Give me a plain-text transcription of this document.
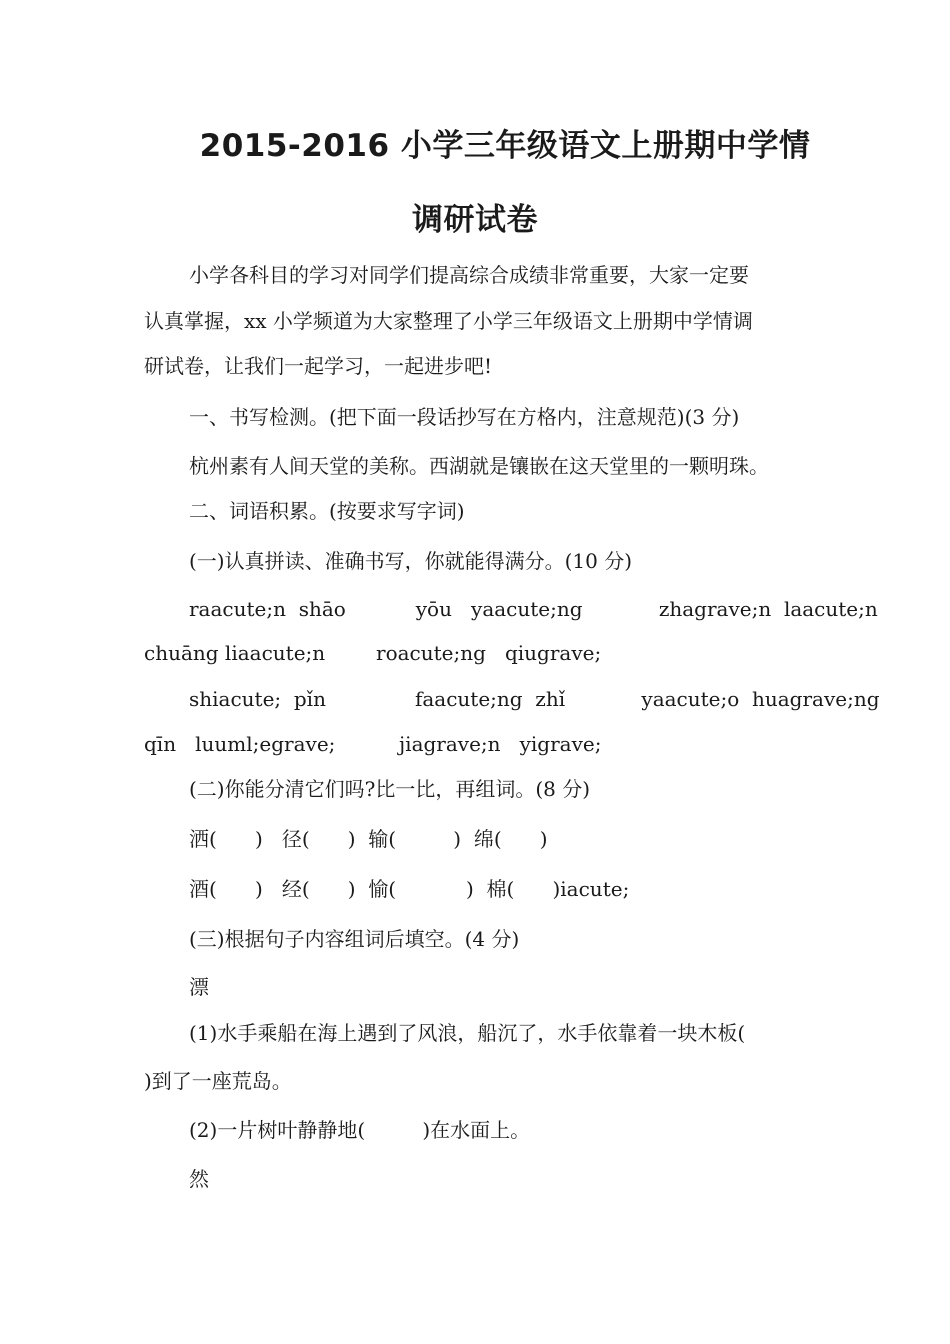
2015-2016 小学三年级语文上册期中学情
调研试卷

小学各科目的学习对同学们提高综合成绩非常重要，大家一定要

认真掌握，xx 小学频道为大家整理了小学三年级语文上册期中学情调

研试卷，让我们一起学习，一起进步吧!

一、书写检测。(把下面一段话抄写在方格内，注意规范)(3 分)

杭州素有人间天堂的美称。西湖就是镶嵌在这天堂里的一颗明珠。

二、词语积累。(按要求写字词)

(一)认真拼读、准确书写，你就能得满分。(10 分)

raacute;n  shāo           yōu   yaacute;ng            zhagrave;n  laacute;n

chuāng liaacute;n        roacute;ng   qiugrave;

shiacute;  pǐn              faacute;ng  zhǐ            yaacute;o  huagrave;ng

qīn   luuml;egrave;          jiagrave;n   yigrave;

(二)你能分清它们吗?比一比，再组词。(8 分)

洒(      )   径(      )  输(         )  绵(      )

酒(      )   经(      )  愉(           )  棉(      )iacute;

(三)根据句子内容组词后填空。(4 分)

漂

(1)水手乘船在海上遇到了风浪，船沉了，水手依靠着一块木板(

)到了一座荒岛。

(2)一片树叶静静地(         )在水面上。

然
